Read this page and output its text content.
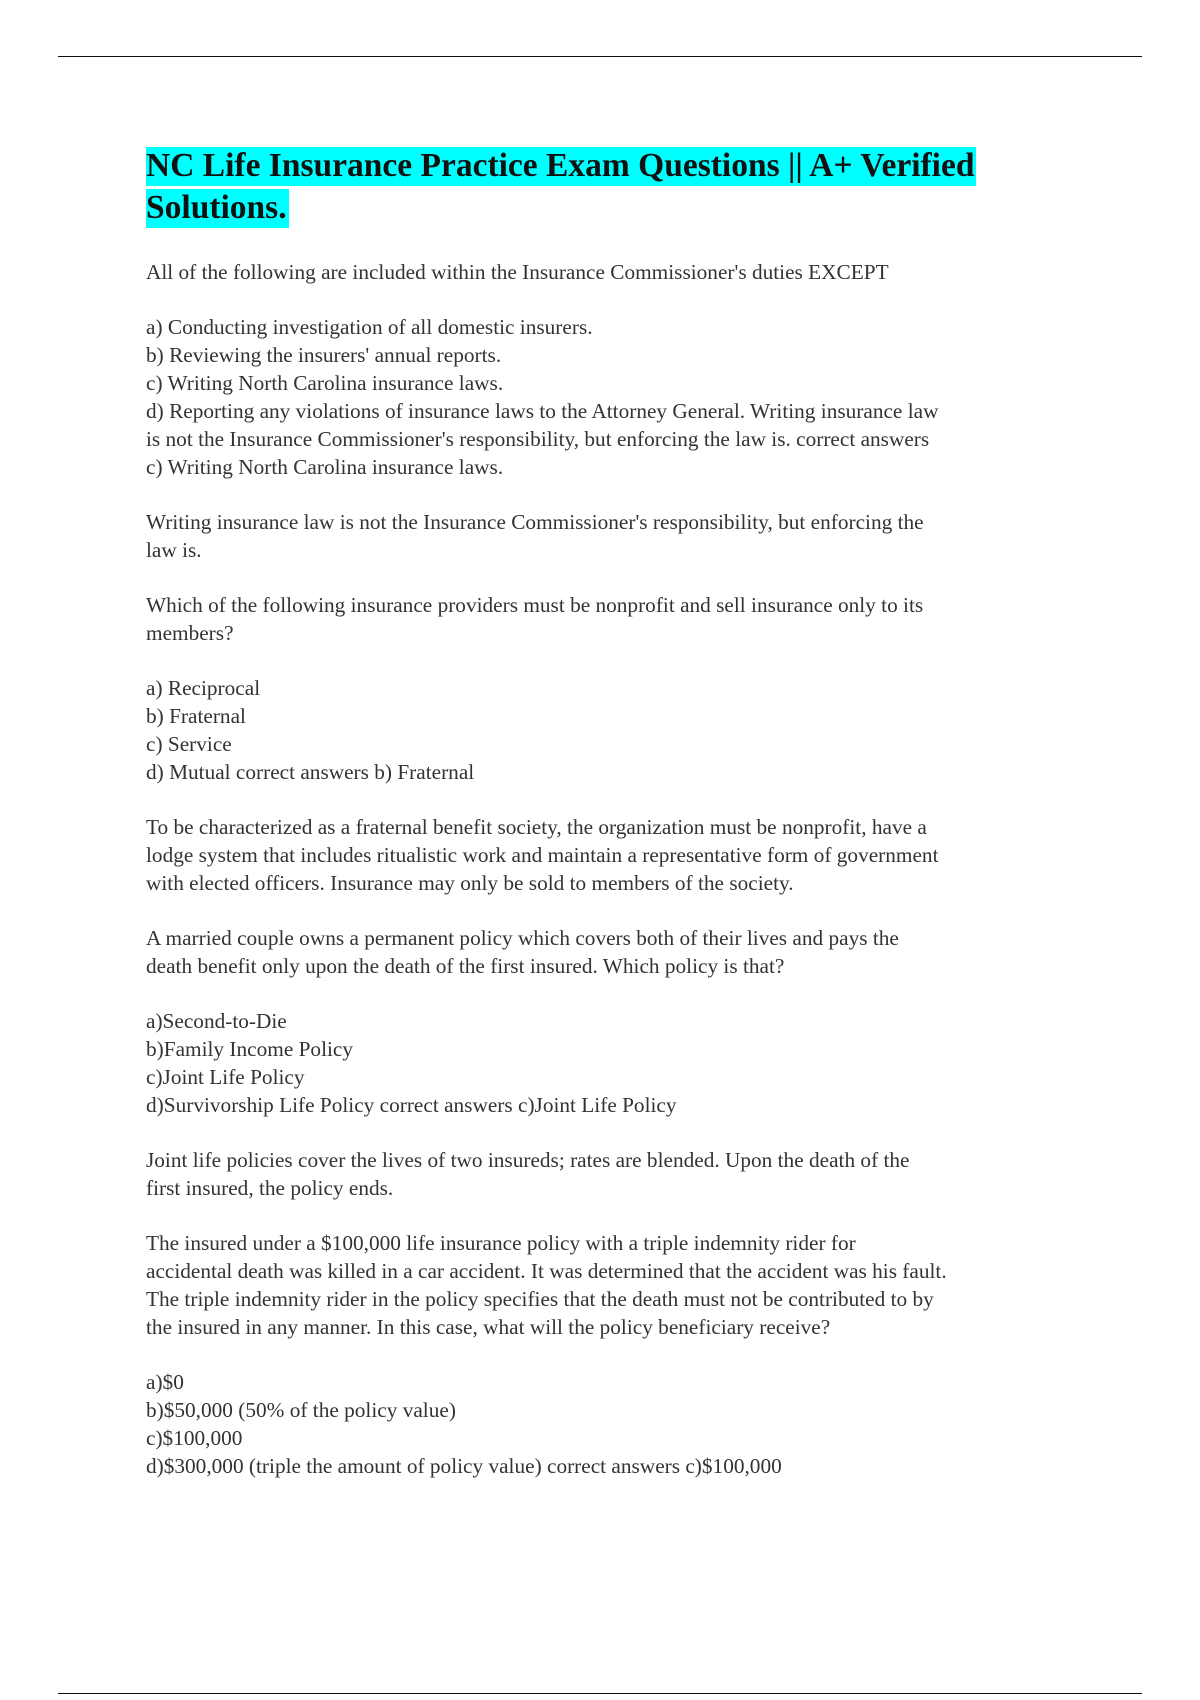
NC Life Insurance Practice Exam Questions || A+ Verified
Solutions.

All of the following are included within the Insurance Commissioner's duties EXCEPT

a) Conducting investigation of all domestic insurers.
b) Reviewing the insurers' annual reports.
c) Writing North Carolina insurance laws.
d) Reporting any violations of insurance laws to the Attorney General. Writing insurance law
is not the Insurance Commissioner's responsibility, but enforcing the law is. correct answers
c) Writing North Carolina insurance laws.

Writing insurance law is not the Insurance Commissioner's responsibility, but enforcing the
law is.

Which of the following insurance providers must be nonprofit and sell insurance only to its
members?

a) Reciprocal
b) Fraternal
c) Service
d) Mutual correct answers b) Fraternal

To be characterized as a fraternal benefit society, the organization must be nonprofit, have a
lodge system that includes ritualistic work and maintain a representative form of government
with elected officers. Insurance may only be sold to members of the society.

A married couple owns a permanent policy which covers both of their lives and pays the
death benefit only upon the death of the first insured. Which policy is that?

a)Second-to-Die
b)Family Income Policy
c)Joint Life Policy
d)Survivorship Life Policy correct answers c)Joint Life Policy

Joint life policies cover the lives of two insureds; rates are blended. Upon the death of the
first insured, the policy ends.

The insured under a $100,000 life insurance policy with a triple indemnity rider for
accidental death was killed in a car accident. It was determined that the accident was his fault.
The triple indemnity rider in the policy specifies that the death must not be contributed to by
the insured in any manner. In this case, what will the policy beneficiary receive?

a)$0
b)$50,000 (50% of the policy value)
c)$100,000
d)$300,000 (triple the amount of policy value) correct answers c)$100,000
